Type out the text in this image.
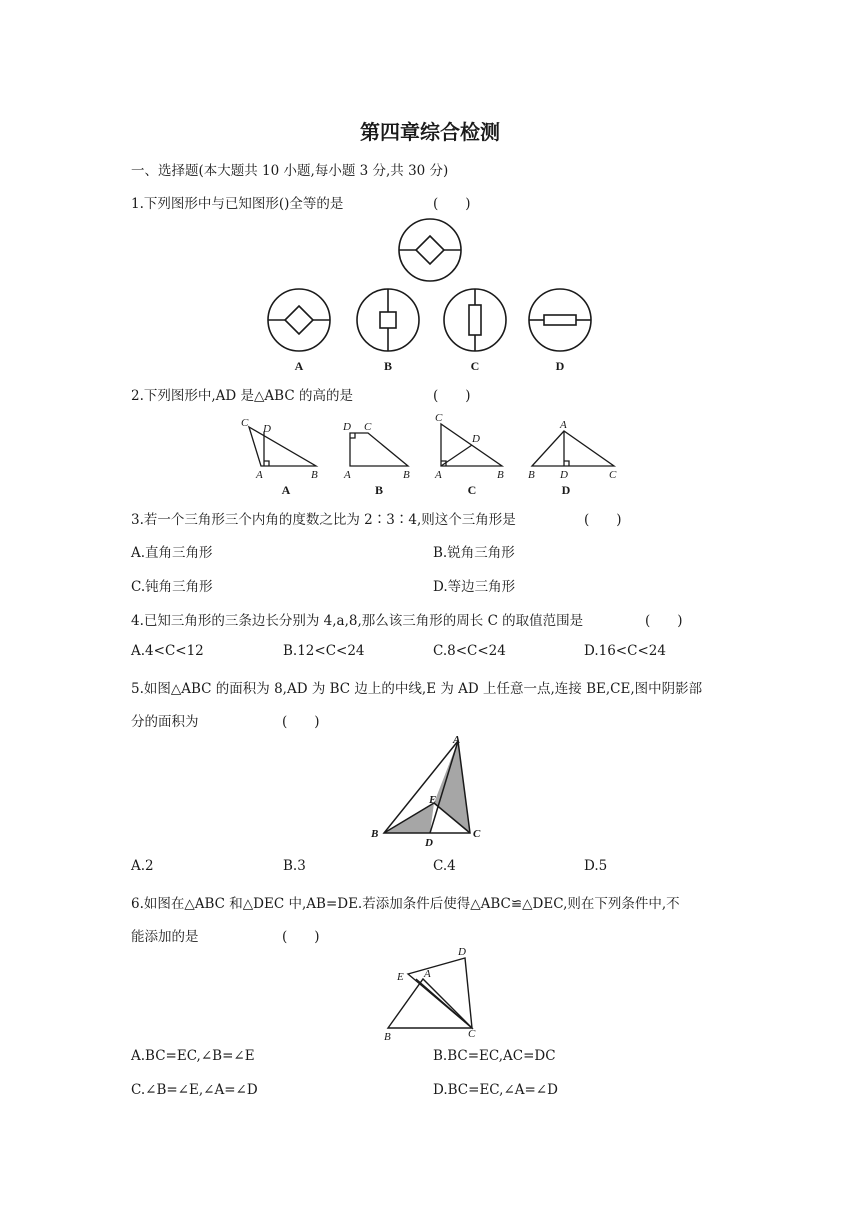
第四章综合检测
一、选择题(本大题共 10 小题,每小题 3 分,共 30 分)
1.下列图形中与已知图形()全等的是	(　　)
A	B	C	D
2.下列图形中,AD 是△ABC 的高的是	(　　)
C D
A	B
D C
A	B
C
D
A	B
A
B D	C
A	B	C	D
3.若一个三角形三个内角的度数之比为 2∶3∶4,则这个三角形是	(　　)
A.直角三角形	B.锐角三角形
C.钝角三角形	D.等边三角形
4.已知三角形的三条边长分别为 4,a,8,那么该三角形的周长 C 的取值范围是	(　　)
A.4<C<12	B.12<C<24	C.8<C<24	D.16<C<24
5.如图△ABC 的面积为 8,AD 为 BC 边上的中线,E 为 AD 上任意一点,连接 BE,CE,图中阴影部
分的面积为	(　　)
A
B	C
D
E
A.2	B.3	C.4	D.5
6.如图在△ABC 和△DEC 中,AB=DE.若添加条件后使得△ABC≌△DEC,则在下列条件中,不
能添加的是	(　　)
A
B	C
D
E
A.BC=EC,∠B=∠E	B.BC=EC,AC=DC
C.∠B=∠E,∠A=∠D	D.BC=EC,∠A=∠D
